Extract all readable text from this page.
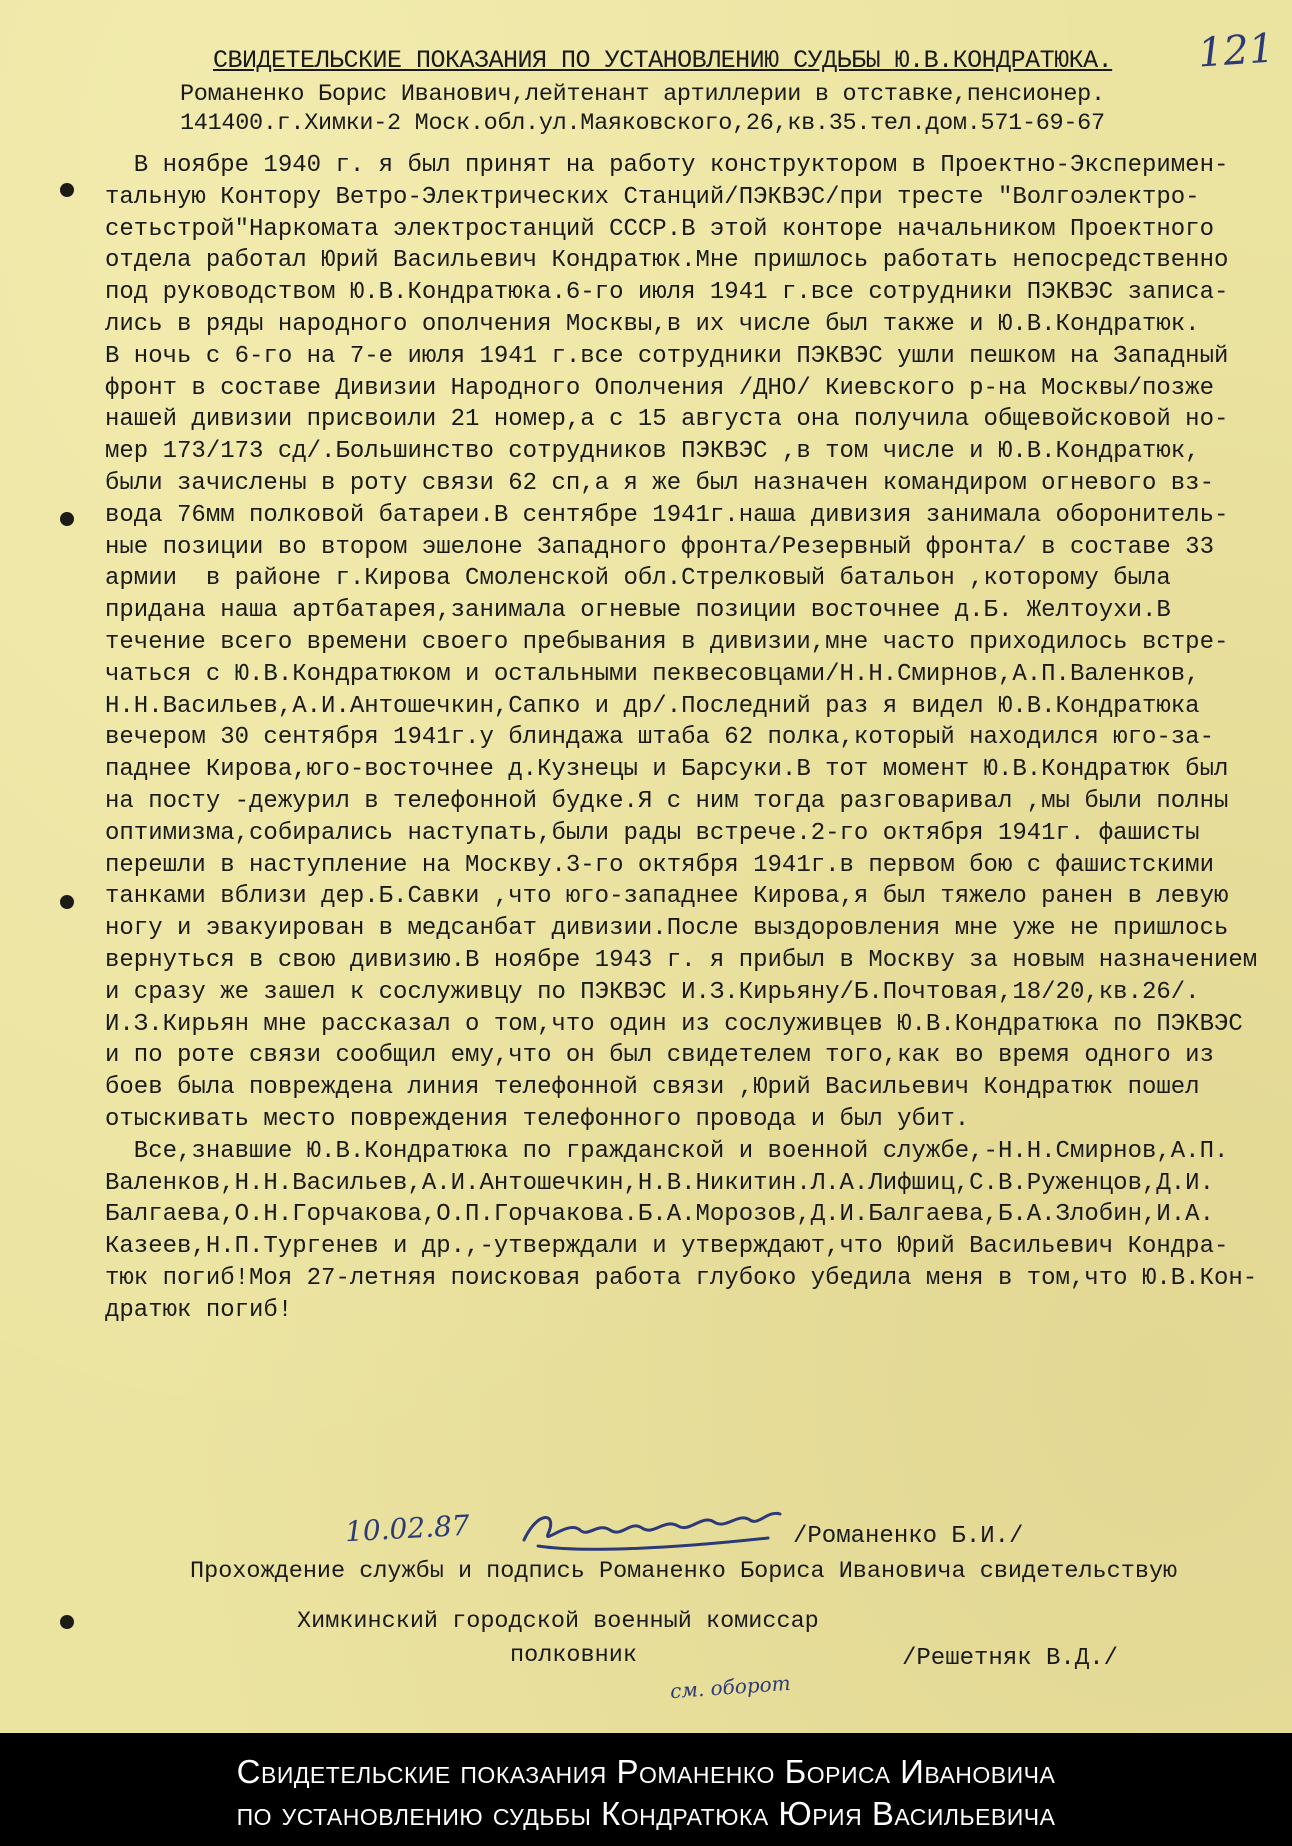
121
СВИДЕТЕЛЬСКИЕ ПОКАЗАНИЯ ПО УСТАНОВЛЕНИЮ СУДЬБЫ Ю.В.КОНДРАТЮКА.
Романенко Борис Иванович,лейтенант артиллерии в отставке,пенсионер.
141400.г.Химки-2 Моск.обл.ул.Маяковского,26,кв.35.тел.дом.571-69-67
В ноябре 1940 г. я был принят на работу конструктором в Проектно-Эксперимен-
тальную Контору Ветро-Электрических Станций/ПЭКВЭС/при тресте "Волгоэлектро-
сетьстрой"Наркомата электростанций СССР.В этой конторе начальником Проектного
отдела работал Юрий Васильевич Кондратюк.Мне пришлось работать непосредственно
под руководством Ю.В.Кондратюка.6-го июля 1941 г.все сотрудники ПЭКВЭС записа-
лись в ряды народного ополчения Москвы,в их числе был также и Ю.В.Кондратюк.
В ночь с 6-го на 7-е июля 1941 г.все сотрудники ПЭКВЭС ушли пешком на Западный
фронт в составе Дивизии Народного Ополчения /ДНО/ Киевского р-на Москвы/позже
нашей дивизии присвоили 21 номер,а с 15 августа она получила общевойсковой но-
мер 173/173 сд/.Большинство сотрудников ПЭКВЭС ,в том числе и Ю.В.Кондратюк,
были зачислены в роту связи 62 сп,а я же был назначен командиром огневого вз-
вода 76мм полковой батареи.В сентябре 1941г.наша дивизия занимала оборонитель-
ные позиции во втором эшелоне Западного фронта/Резервный фронта/ в составе 33
армии  в районе г.Кирова Смоленской обл.Стрелковый батальон ,которому была
придана наша артбатарея,занимала огневые позиции восточнее д.Б. Желтоухи.В
течение всего времени своего пребывания в дивизии,мне часто приходилось встре-
чаться с Ю.В.Кондратюком и остальными пеквесовцами/Н.Н.Смирнов,А.П.Валенков,
Н.Н.Васильев,А.И.Антошечкин,Сапко и др/.Последний раз я видел Ю.В.Кондратюка
вечером 30 сентября 1941г.у блиндажа штаба 62 полка,который находился юго-за-
паднее Кирова,юго-восточнее д.Кузнецы и Барсуки.В тот момент Ю.В.Кондратюк был
на посту -дежурил в телефонной будке.Я с ним тогда разговаривал ,мы были полны
оптимизма,собирались наступать,были рады встрече.2-го октября 1941г. фашисты
перешли в наступление на Москву.3-го октября 1941г.в первом бою с фашистскими
танками вблизи дер.Б.Савки ,что юго-западнее Кирова,я был тяжело ранен в левую
ногу и эвакуирован в медсанбат дивизии.После выздоровления мне уже не пришлось
вернуться в свою дивизию.В ноябре 1943 г. я прибыл в Москву за новым назначением
и сразу же зашел к сослуживцу по ПЭКВЭС И.З.Кирьяну/Б.Почтовая,18/20,кв.26/.
И.З.Кирьян мне рассказал о том,что один из сослуживцев Ю.В.Кондратюка по ПЭКВЭС
и по роте связи сообщил ему,что он был свидетелем того,как во время одного из
боев была повреждена линия телефонной связи ,Юрий Васильевич Кондратюк пошел
отыскивать место повреждения телефонного провода и был убит.
Все,знавшие Ю.В.Кондратюка по гражданской и военной службе,-Н.Н.Смирнов,А.П.
Валенков,Н.Н.Васильев,А.И.Антошечкин,Н.В.Никитин.Л.А.Лифшиц,С.В.Руженцов,Д.И.
Балгаева,О.Н.Горчакова,О.П.Горчакова.Б.А.Морозов,Д.И.Балгаева,Б.А.Злобин,И.А.
Казеев,Н.П.Тургенев и др.,-утверждали и утверждают,что Юрий Васильевич Кондра-
тюк погиб!Моя 27-летняя поисковая работа глубоко убедила меня в том,что Ю.В.Кон-
дратюк погиб!
10.02.87	/Романенко Б.И./
Прохождение службы и подпись Романенко Бориса Ивановича свидетельствую
Химкинский городской военный комиссар
полковник	/Решетняк В.Д./
см. оборот
Свидетельские показания Романенко Бориса Ивановича
по установлению судьбы Кондратюка Юрия Васильевича
